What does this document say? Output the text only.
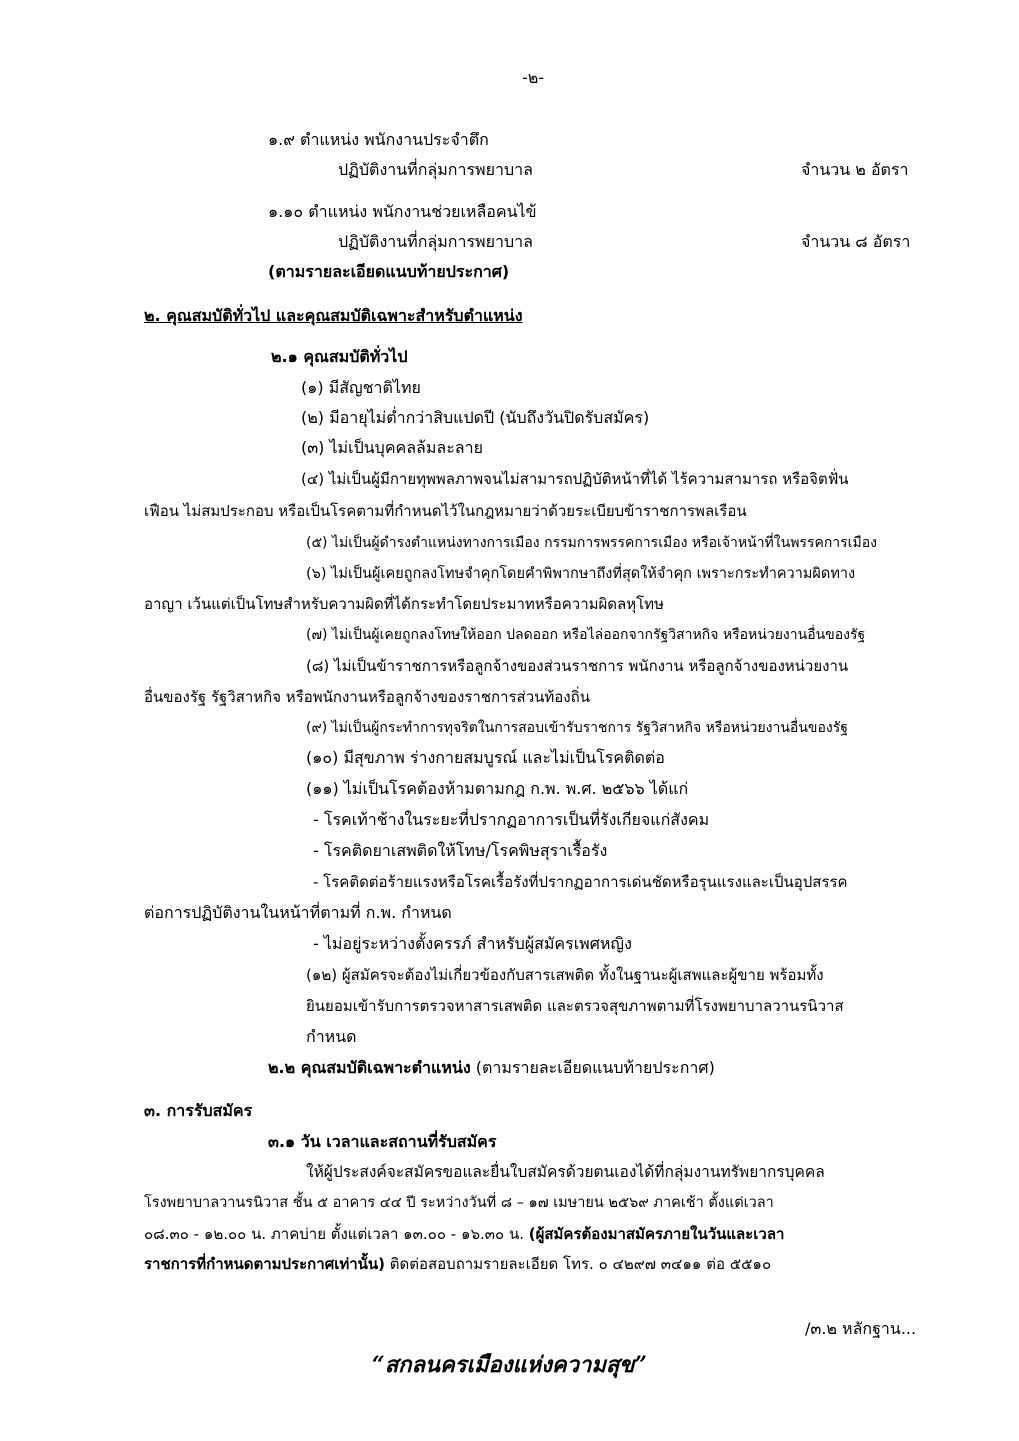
-๒-
๑.๙ ตำแหน่ง พนักงานประจำตึก
ปฏิบัติงานที่กลุ่มการพยาบาล	จำนวน ๒ อัตรา
๑.๑๐ ตำแหน่ง พนักงานช่วยเหลือคนไข้
ปฏิบัติงานที่กลุ่มการพยาบาล	จำนวน ๘ อัตรา
(ตามรายละเอียดแนบท้ายประกาศ)
๒. คุณสมบัติทั่วไป และคุณสมบัติเฉพาะสำหรับตำแหน่ง
๒.๑ คุณสมบัติทั่วไป
(๑) มีสัญชาติไทย
(๒) มีอายุไม่ต่ำกว่าสิบแปดปี (นับถึงวันปิดรับสมัคร)
(๓) ไม่เป็นบุคคลล้มละลาย
(๔) ไม่เป็นผู้มีกายทุพพลภาพจนไม่สามารถปฏิบัติหน้าที่ได้ ไร้ความสามารถ หรือจิตฟั่น
เฟือน ไม่สมประกอบ หรือเป็นโรคตามที่กำหนดไว้ในกฎหมายว่าด้วยระเบียบข้าราชการพลเรือน
(๕) ไม่เป็นผู้ดำรงตำแหน่งทางการเมือง กรรมการพรรคการเมือง หรือเจ้าหน้าที่ในพรรคการเมือง
(๖) ไม่เป็นผู้เคยถูกลงโทษจำคุกโดยคำพิพากษาถึงที่สุดให้จำคุก เพราะกระทำความผิดทาง
อาญา เว้นแต่เป็นโทษสำหรับความผิดที่ได้กระทำโดยประมาทหรือความผิดลหุโทษ
(๗) ไม่เป็นผู้เคยถูกลงโทษให้ออก ปลดออก หรือไล่ออกจากรัฐวิสาหกิจ หรือหน่วยงานอื่นของรัฐ
(๘) ไม่เป็นข้าราชการหรือลูกจ้างของส่วนราชการ พนักงาน หรือลูกจ้างของหน่วยงาน
อื่นของรัฐ รัฐวิสาหกิจ หรือพนักงานหรือลูกจ้างของราชการส่วนท้องถิ่น
(๙) ไม่เป็นผู้กระทำการทุจริตในการสอบเข้ารับราชการ รัฐวิสาหกิจ หรือหน่วยงานอื่นของรัฐ
(๑๐) มีสุขภาพ ร่างกายสมบูรณ์ และไม่เป็นโรคติดต่อ
(๑๑) ไม่เป็นโรคต้องห้ามตามกฎ ก.พ. พ.ศ. ๒๕๖๖ ได้แก่
- โรคเท้าช้างในระยะที่ปรากฏอาการเป็นที่รังเกียจแก่สังคม
- โรคติดยาเสพติดให้โทษ/โรคพิษสุราเรื้อรัง
- โรคติดต่อร้ายแรงหรือโรคเรื้อรังที่ปรากฏอาการเด่นชัดหรือรุนแรงและเป็นอุปสรรค
ต่อการปฏิบัติงานในหน้าที่ตามที่ ก.พ. กำหนด
- ไม่อยู่ระหว่างตั้งครรภ์ สำหรับผู้สมัครเพศหญิง
(๑๒) ผู้สมัครจะต้องไม่เกี่ยวข้องกับสารเสพติด ทั้งในฐานะผู้เสพและผู้ขาย พร้อมทั้ง
ยินยอมเข้ารับการตรวจหาสารเสพติด และตรวจสุขภาพตามที่โรงพยาบาลวานรนิวาส
กำหนด
๒.๒ คุณสมบัติเฉพาะตำแหน่ง (ตามรายละเอียดแนบท้ายประกาศ)
๓. การรับสมัคร
๓.๑ วัน เวลาและสถานที่รับสมัคร
ให้ผู้ประสงค์จะสมัครขอและยื่นใบสมัครด้วยตนเองได้ที่กลุ่มงานทรัพยากรบุคคล
โรงพยาบาลวานรนิวาส ชั้น ๕ อาคาร ๔๔ ปี ระหว่างวันที่ ๘ – ๑๗ เมษายน ๒๕๖๙ ภาคเช้า ตั้งแต่เวลา
๐๘.๓๐ - ๑๒.๐๐ น. ภาคบ่าย ตั้งแต่เวลา ๑๓.๐๐ - ๑๖.๓๐ น. (ผู้สมัครต้องมาสมัครภายในวันและเวลา
ราชการที่กำหนดตามประกาศเท่านั้น) ติดต่อสอบถามรายละเอียด โทร. ๐ ๔๒๙๗ ๓๔๑๑ ต่อ ๕๕๑๐
/๓.๒ หลักฐาน...
“สกลนครเมืองแห่งความสุข”
